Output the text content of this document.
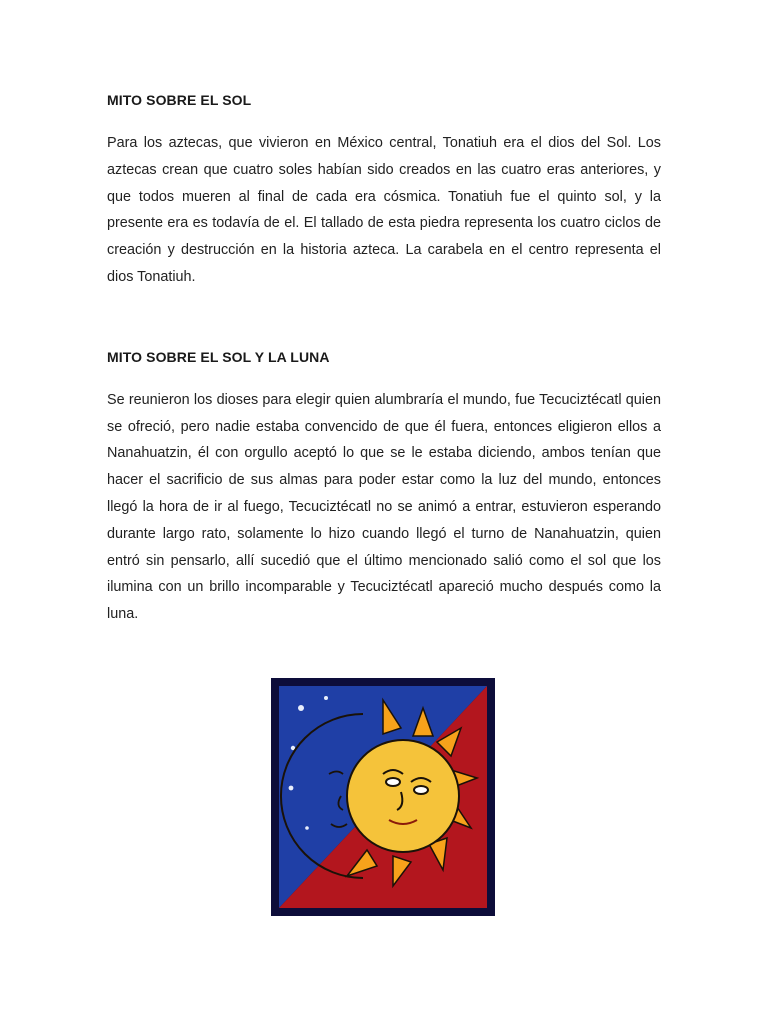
MITO SOBRE EL SOL

Para los aztecas, que vivieron en México central, Tonatiuh era el dios del Sol. Los aztecas crean que cuatro soles habían sido creados en las cuatro eras anteriores, y que todos mueren al final de cada era cósmica. Tonatiuh fue el quinto sol, y la presente era es todavía de el. El tallado de esta piedra representa los cuatro ciclos de creación y destrucción en la historia azteca. La carabela en el centro representa el dios Tonatiuh.

MITO SOBRE EL SOL Y LA LUNA

Se reunieron los dioses para elegir quien alumbraría el mundo, fue Tecuciztécatl quien se ofreció, pero nadie estaba convencido de que él fuera, entonces eligieron ellos a Nanahuatzin, él con orgullo aceptó lo que se le estaba diciendo, ambos tenían que hacer el sacrificio de sus almas para poder estar como la luz del mundo, entonces llegó la hora de ir al fuego, Tecuciztécatl no se animó a entrar, estuvieron esperando durante largo rato, solamente lo hizo cuando llegó el turno de Nanahuatzin, quien entró sin pensarlo, allí sucedió que el último mencionado salió como el sol que los ilumina con un brillo incomparable y Tecuciztécatl apareció mucho después como la luna.
